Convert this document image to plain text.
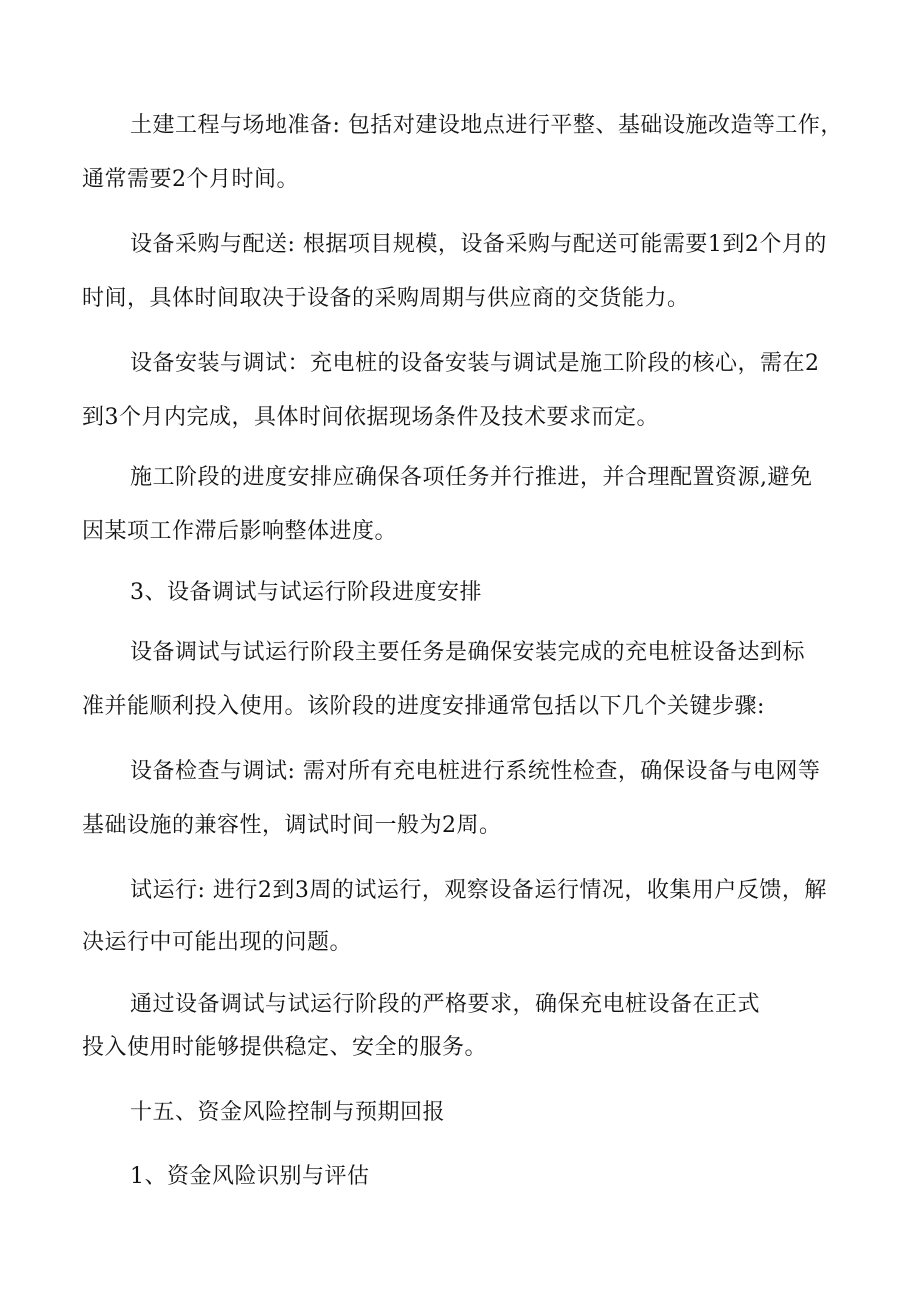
土建工程与场地准备: 包括对建设地点进行平整、基础设施改造等工作，
通常需要2个月时间。
设备采购与配送: 根据项目规模，设备采购与配送可能需要1到2个月的
时间，具体时间取决于设备的采购周期与供应商的交货能力。
设备安装与调试：充电桩的设备安装与调试是施工阶段的核心，需在2
到3个月内完成，具体时间依据现场条件及技术要求而定。
施工阶段的进度安排应确保各项任务并行推进，并合理配置资源,避免
因某项工作滞后影响整体进度。
3、设备调试与试运行阶段进度安排
设备调试与试运行阶段主要任务是确保安装完成的充电桩设备达到标
准并能顺利投入使用。该阶段的进度安排通常包括以下几个关键步骤:
设备检查与调试: 需对所有充电桩进行系统性检查，确保设备与电网等
基础设施的兼容性，调试时间一般为2周。
试运行: 进行2到3周的试运行，观察设备运行情况，收集用户反馈，解
决运行中可能出现的问题。
通过设备调试与试运行阶段的严格要求，确保充电桩设备在正式
投入使用时能够提供稳定、安全的服务。
十五、资金风险控制与预期回报
1、资金风险识别与评估
